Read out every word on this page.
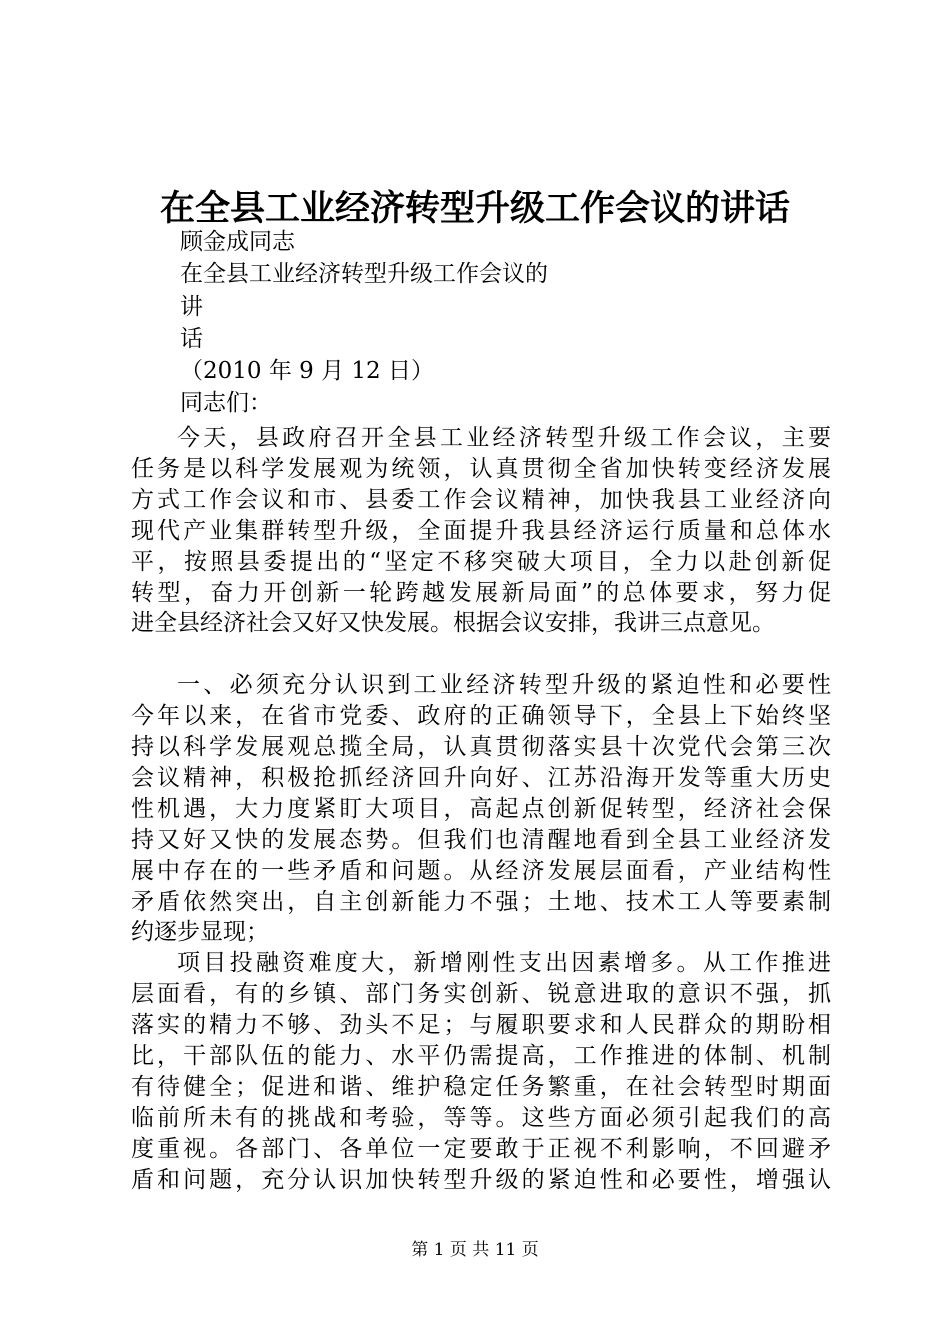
在全县工业经济转型升级工作会议的讲话
顾金成同志
在全县工业经济转型升级工作会议的
讲
话
（2010 年 9 月 12 日）
同志们：
今天，县政府召开全县工业经济转型升级工作会议，主要
任务是以科学发展观为统领，认真贯彻全省加快转变经济发展
方式工作会议和市、县委工作会议精神，加快我县工业经济向
现代产业集群转型升级，全面提升我县经济运行质量和总体水
平，按照县委提出的“坚定不移突破大项目，全力以赴创新促
转型，奋力开创新一轮跨越发展新局面”的总体要求，努力促
进全县经济社会又好又快发展。根据会议安排，我讲三点意见。
一、必须充分认识到工业经济转型升级的紧迫性和必要性
今年以来，在省市党委、政府的正确领导下，全县上下始终坚
持以科学发展观总揽全局，认真贯彻落实县十次党代会第三次
会议精神，积极抢抓经济回升向好、江苏沿海开发等重大历史
性机遇，大力度紧盯大项目，高起点创新促转型，经济社会保
持又好又快的发展态势。但我们也清醒地看到全县工业经济发
展中存在的一些矛盾和问题。从经济发展层面看，产业结构性
矛盾依然突出，自主创新能力不强；土地、技术工人等要素制
约逐步显现；
项目投融资难度大，新增刚性支出因素增多。从工作推进
层面看，有的乡镇、部门务实创新、锐意进取的意识不强，抓
落实的精力不够、劲头不足；与履职要求和人民群众的期盼相
比，干部队伍的能力、水平仍需提高，工作推进的体制、机制
有待健全；促进和谐、维护稳定任务繁重，在社会转型时期面
临前所未有的挑战和考验，等等。这些方面必须引起我们的高
度重视。各部门、各单位一定要敢于正视不利影响，不回避矛
盾和问题，充分认识加快转型升级的紧迫性和必要性，增强认
第 1 页 共 11 页
